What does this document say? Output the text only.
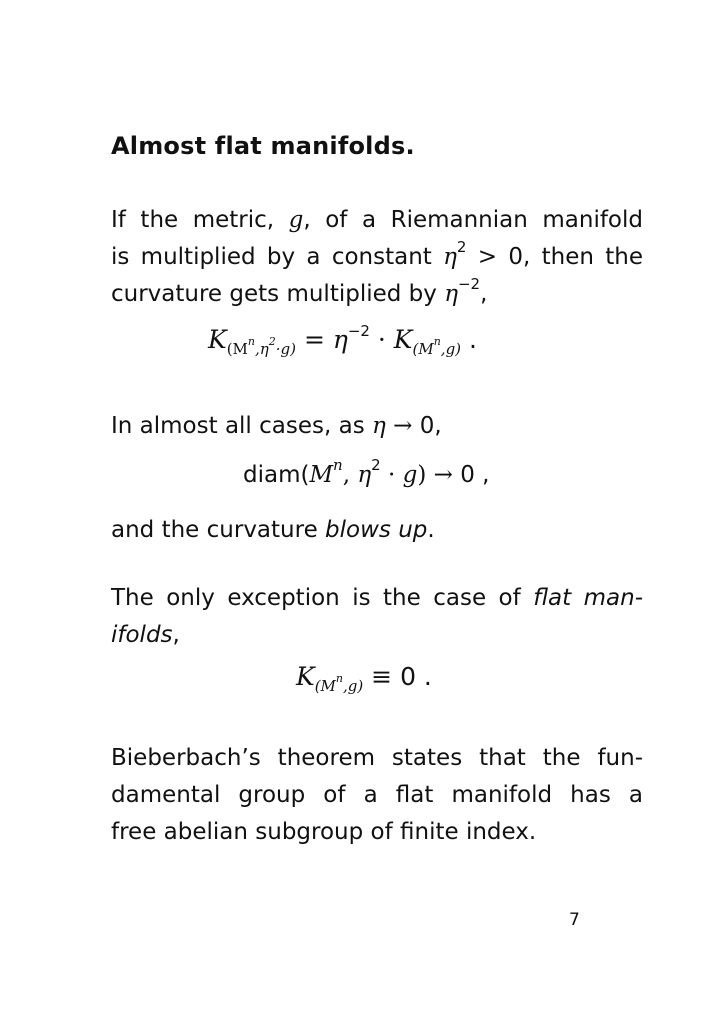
Almost flat manifolds.

If the metric, g, of a Riemannian manifold
is multiplied by a constant $\eta^2 > 0$, then the
curvature gets multiplied by $\eta^{-2}$,

$K_{(M^n,\eta^2\cdot g)} = \eta^{-2} \cdot K_{(M^n,g)}$ .

In almost all cases, as η → 0,

$diam(M^n$, $\eta^2 \cdot g) \to 0$ ,

and the curvature blows up.

The only exception is the case of flat man-
ifolds,

$K_{(M^n,g)} \equiv 0$ .

Bieberbach’s theorem states that the fun-
damental group of a flat manifold has a
free abelian subgroup of finite index.

7
